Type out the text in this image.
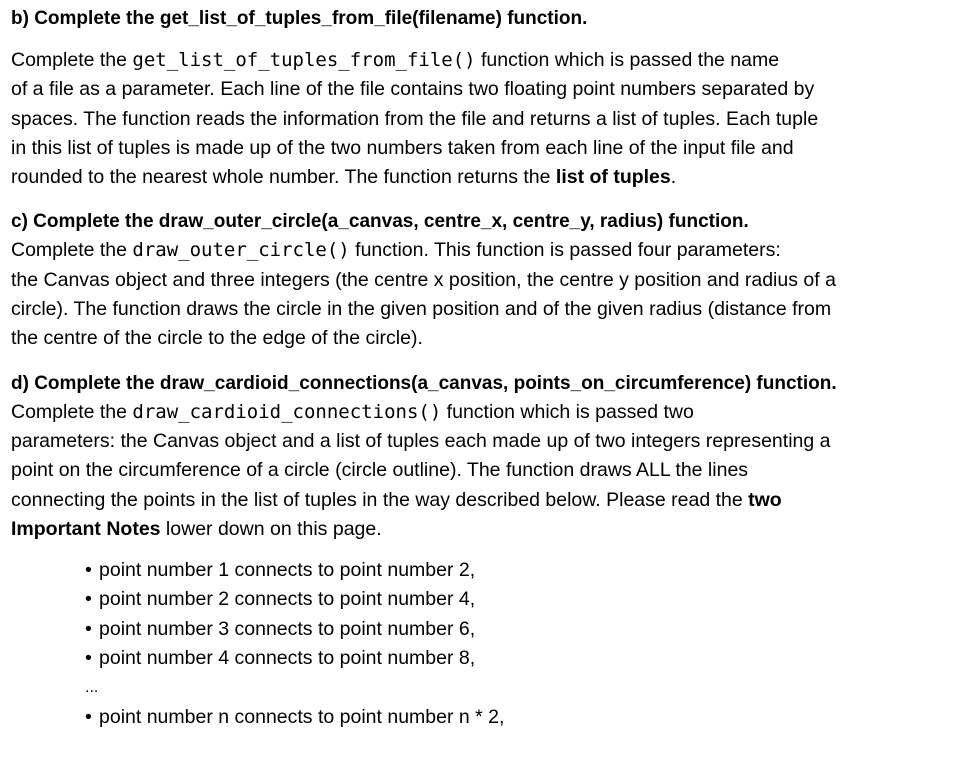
b) Complete the get_list_of_tuples_from_file(filename) function.

Complete the get_list_of_tuples_from_file() function which is passed the name
of a file as a parameter. Each line of the file contains two floating point numbers separated by
spaces. The function reads the information from the file and returns a list of tuples. Each tuple
in this list of tuples is made up of the two numbers taken from each line of the input file and
rounded to the nearest whole number. The function returns the list of tuples.

c) Complete the draw_outer_circle(a_canvas, centre_x, centre_y, radius) function.

Complete the draw_outer_circle() function. This function is passed four parameters:
the Canvas object and three integers (the centre x position, the centre y position and radius of a
circle). The function draws the circle in the given position and of the given radius (distance from
the centre of the circle to the edge of the circle).

d) Complete the draw_cardioid_connections(a_canvas, points_on_circumference) function.

Complete the draw_cardioid_connections() function which is passed two
parameters: the Canvas object and a list of tuples each made up of two integers representing a
point on the circumference of a circle (circle outline). The function draws ALL the lines
connecting the points in the list of tuples in the way described below. Please read the two
Important Notes lower down on this page.

• point number 1 connects to point number 2,
• point number 2 connects to point number 4,
• point number 3 connects to point number 6,
• point number 4 connects to point number 8,
...
• point number n connects to point number n * 2,
